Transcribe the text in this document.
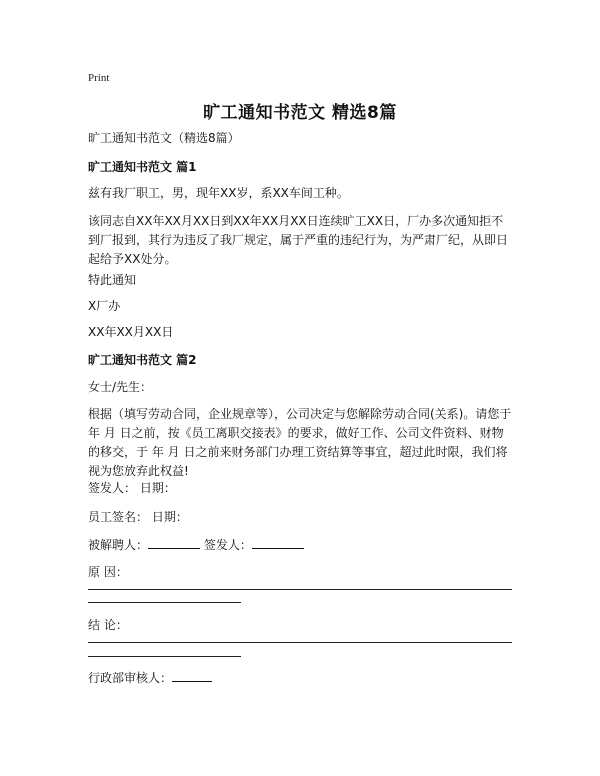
Print
旷工通知书范文 精选8篇
旷工通知书范文（精选8篇）
旷工通知书范文 篇1
兹有我厂职工，男，现年XX岁，系XX车间工种。
该同志自XX年XX月XX日到XX年XX月XX日连续旷工XX日，厂办多次通知拒不到厂报到，其行为违反了我厂规定，属于严重的违纪行为，为严肃厂纪，从即日起给予XX处分。
特此通知
X厂办
XX年XX月XX日
旷工通知书范文 篇2
女士/先生：
根据（填写劳动合同，企业规章等），公司决定与您解除劳动合同(关系)。请您于年 月 日之前，按《员工离职交接表》的要求，做好工作、公司文件资料、财物的移交，于 年 月 日之前来财务部门办理工资结算等事宜，超过此时限，我们将视为您放弃此权益!
签发人： 日期：
员工签名： 日期：
被解聘人：	签发人：
原 因：
结 论：
行政部审核人：
